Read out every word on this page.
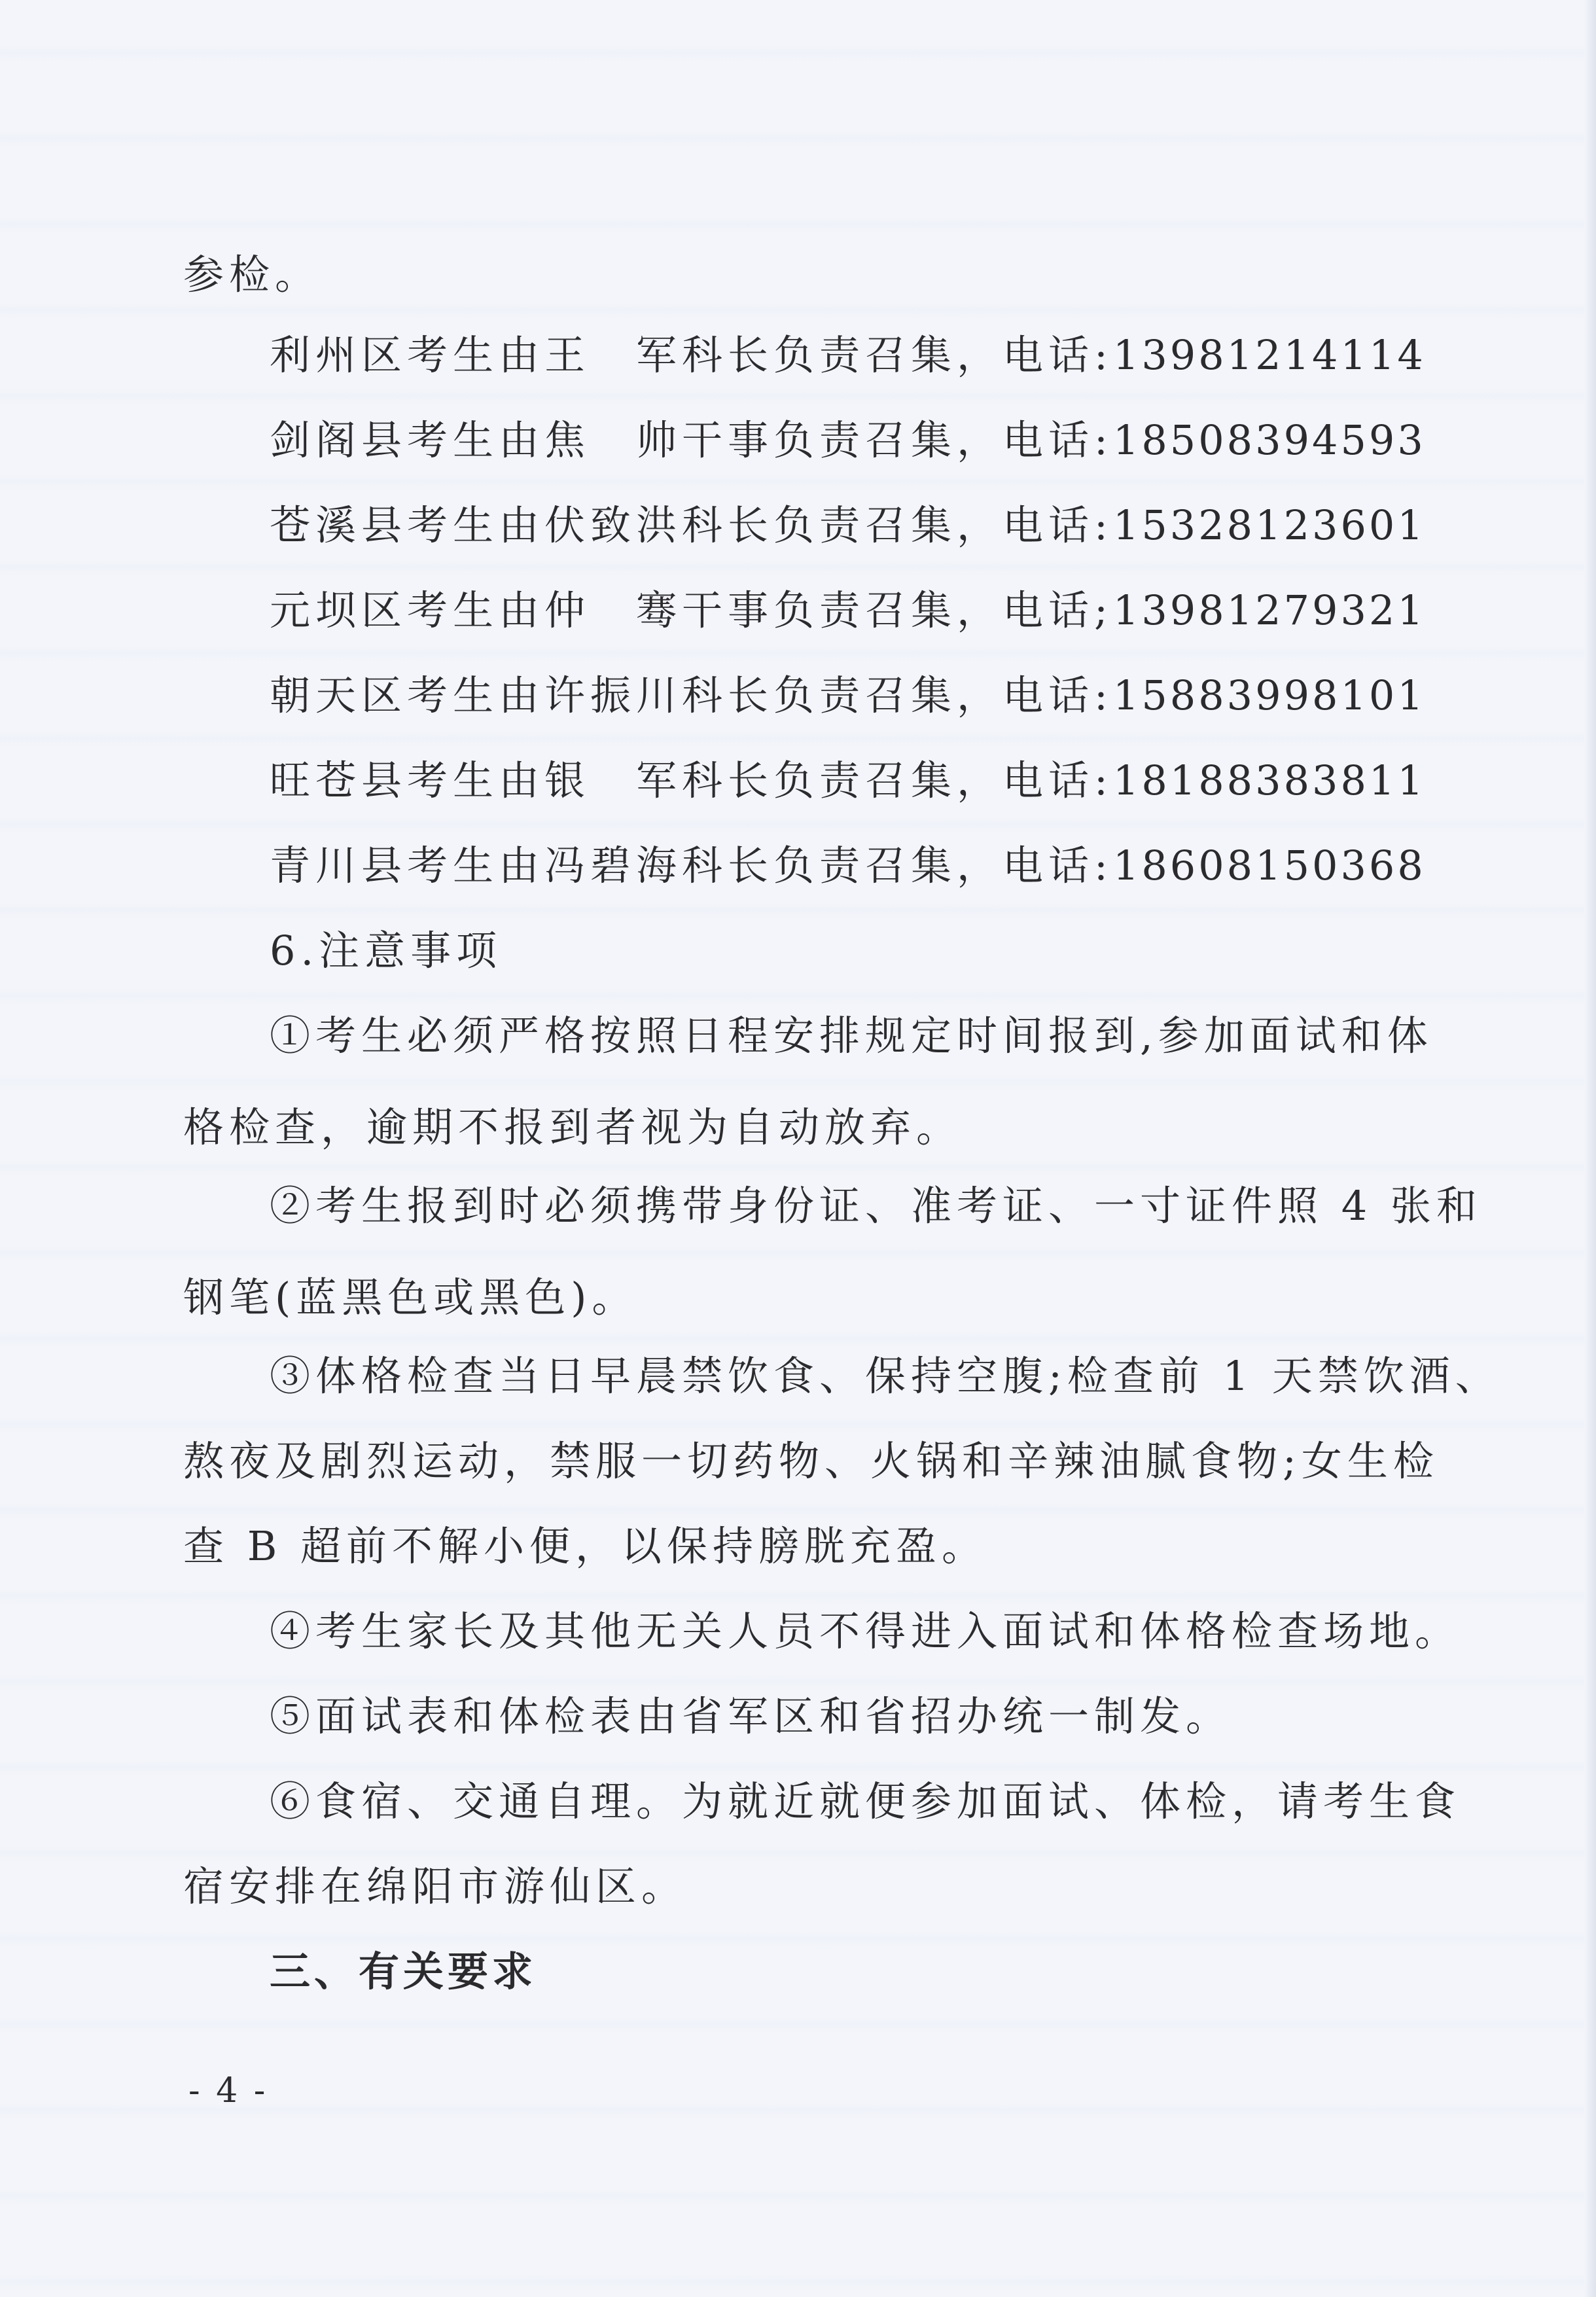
参检。
利州区考生由王　军科长负责召集，电话:13981214114
剑阁县考生由焦　帅干事负责召集，电话:18508394593
苍溪县考生由伏致洪科长负责召集，电话:15328123601
元坝区考生由仲　骞干事负责召集，电话;13981279321
朝天区考生由许振川科长负责召集，电话:15883998101
旺苍县考生由银　军科长负责召集，电话:18188383811
青川县考生由冯碧海科长负责召集，电话:18608150368
6.注意事项
①考生必须严格按照日程安排规定时间报到,参加面试和体
格检查，逾期不报到者视为自动放弃。
②考生报到时必须携带身份证、准考证、一寸证件照 4 张和
钢笔(蓝黑色或黑色)。
③体格检查当日早晨禁饮食、保持空腹;检查前 1 天禁饮酒、
熬夜及剧烈运动，禁服一切药物、火锅和辛辣油腻食物;女生检
查 B 超前不解小便，以保持膀胱充盈。
④考生家长及其他无关人员不得进入面试和体格检查场地。
⑤面试表和体检表由省军区和省招办统一制发。
⑥食宿、交通自理。为就近就便参加面试、体检，请考生食
宿安排在绵阳市游仙区。
三、有关要求
- 4 -
